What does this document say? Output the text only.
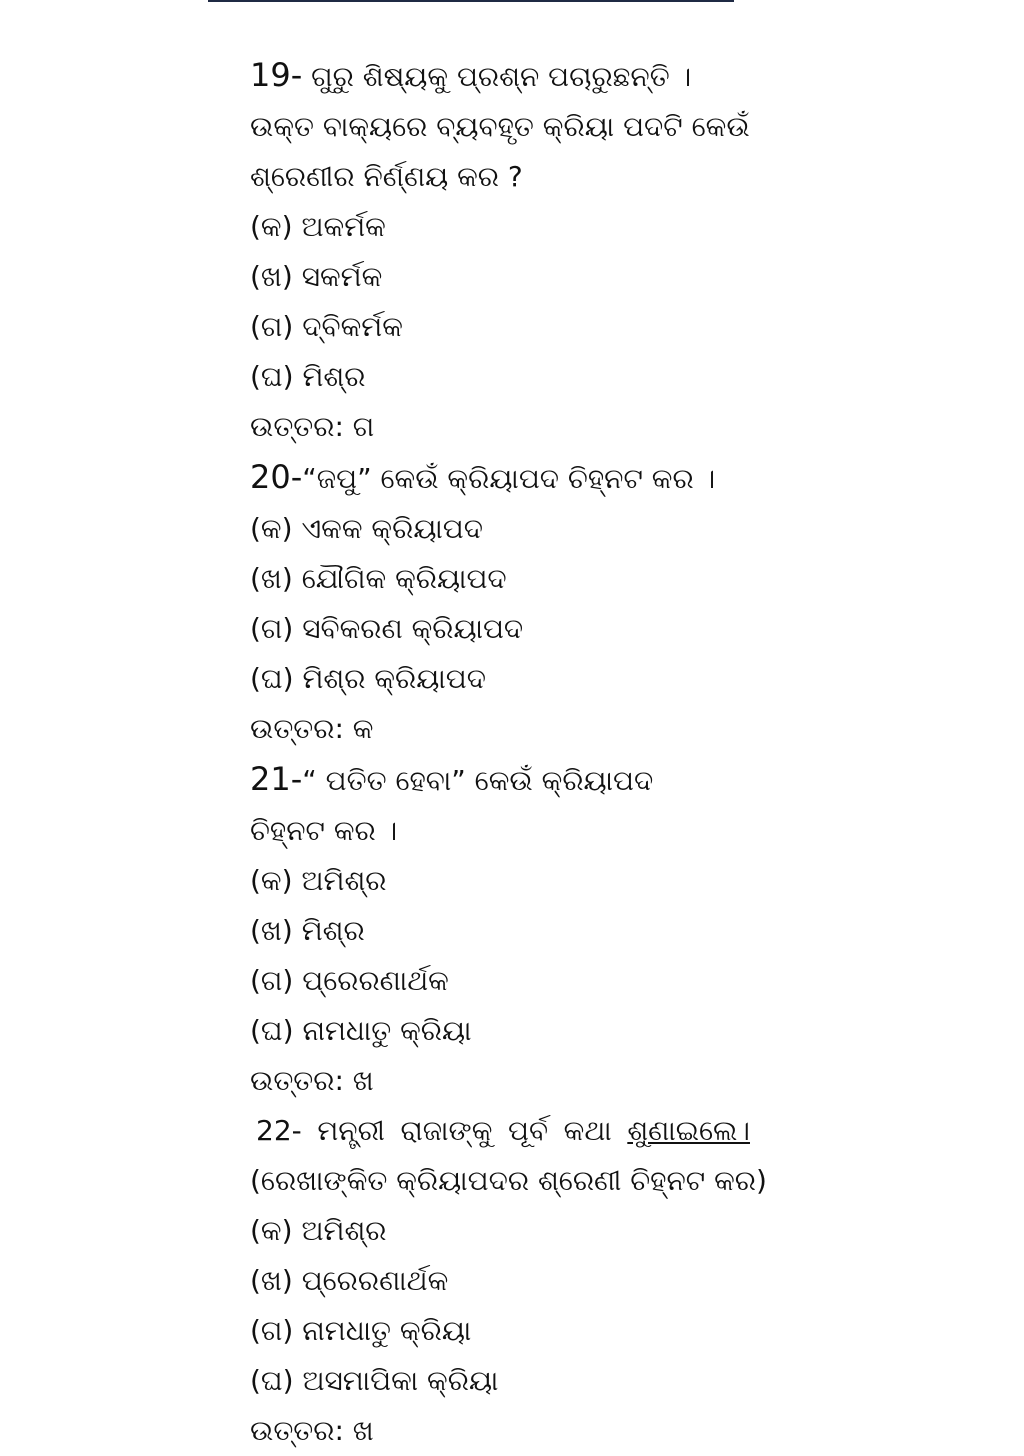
19- ଗୁରୁ ଶିଷ୍ୟକୁ ପ୍ରଶ୍ନ ପଚାରୁଛନ୍ତି । ଉକ୍ତ ବାକ୍ୟରେ ବ୍ୟବହୃତ କ୍ରିୟା ପଦଟି କେଉଁ ଶ୍ରେଣୀର ନିର୍ଣ୍ଣୟ କର ?

(କ) ଅକର୍ମକ

(ଖ) ସକର୍ମକ

(ଗ) ଦ୍ବିକର୍ମକ

(ଘ) ମିଶ୍ର

ଉତ୍ତର: ଗ

20-“ଜପୁ” କେଉଁ କ୍ରିୟାପଦ ଚିହ୍ନଟ କର ।

(କ) ଏକକ କ୍ରିୟାପଦ

(ଖ) ଯୌଗିକ କ୍ରିୟାପଦ

(ଗ) ସବିକରଣ କ୍ରିୟାପଦ

(ଘ) ମିଶ୍ର କ୍ରିୟାପଦ

ଉତ୍ତର: କ

21-“ ପତିତ ହେବା” କେଉଁ କ୍ରିୟାପଦ ଚିହ୍ନଟ କର ।

(କ) ଅମିଶ୍ର

(ଖ) ମିଶ୍ର

(ଗ) ପ୍ରେରଣାର୍ଥକ

(ଘ) ନାମଧାତୁ କ୍ରିୟା

ଉତ୍ତର: ଖ

22- ମନ୍ତ୍ରୀ ରାଜାଙ୍କୁ ପୂର୍ବ କଥା ଶୁଣାଇଲେ।

(ରେଖାଙ୍କିତ କ୍ରିୟାପଦର ଶ୍ରେଣୀ ଚିହ୍ନଟ କର)

(କ) ଅମିଶ୍ର

(ଖ) ପ୍ରେରଣାର୍ଥକ

(ଗ) ନାମଧାତୁ କ୍ରିୟା

(ଘ) ଅସମାପିକା କ୍ରିୟା

ଉତ୍ତର: ଖ
